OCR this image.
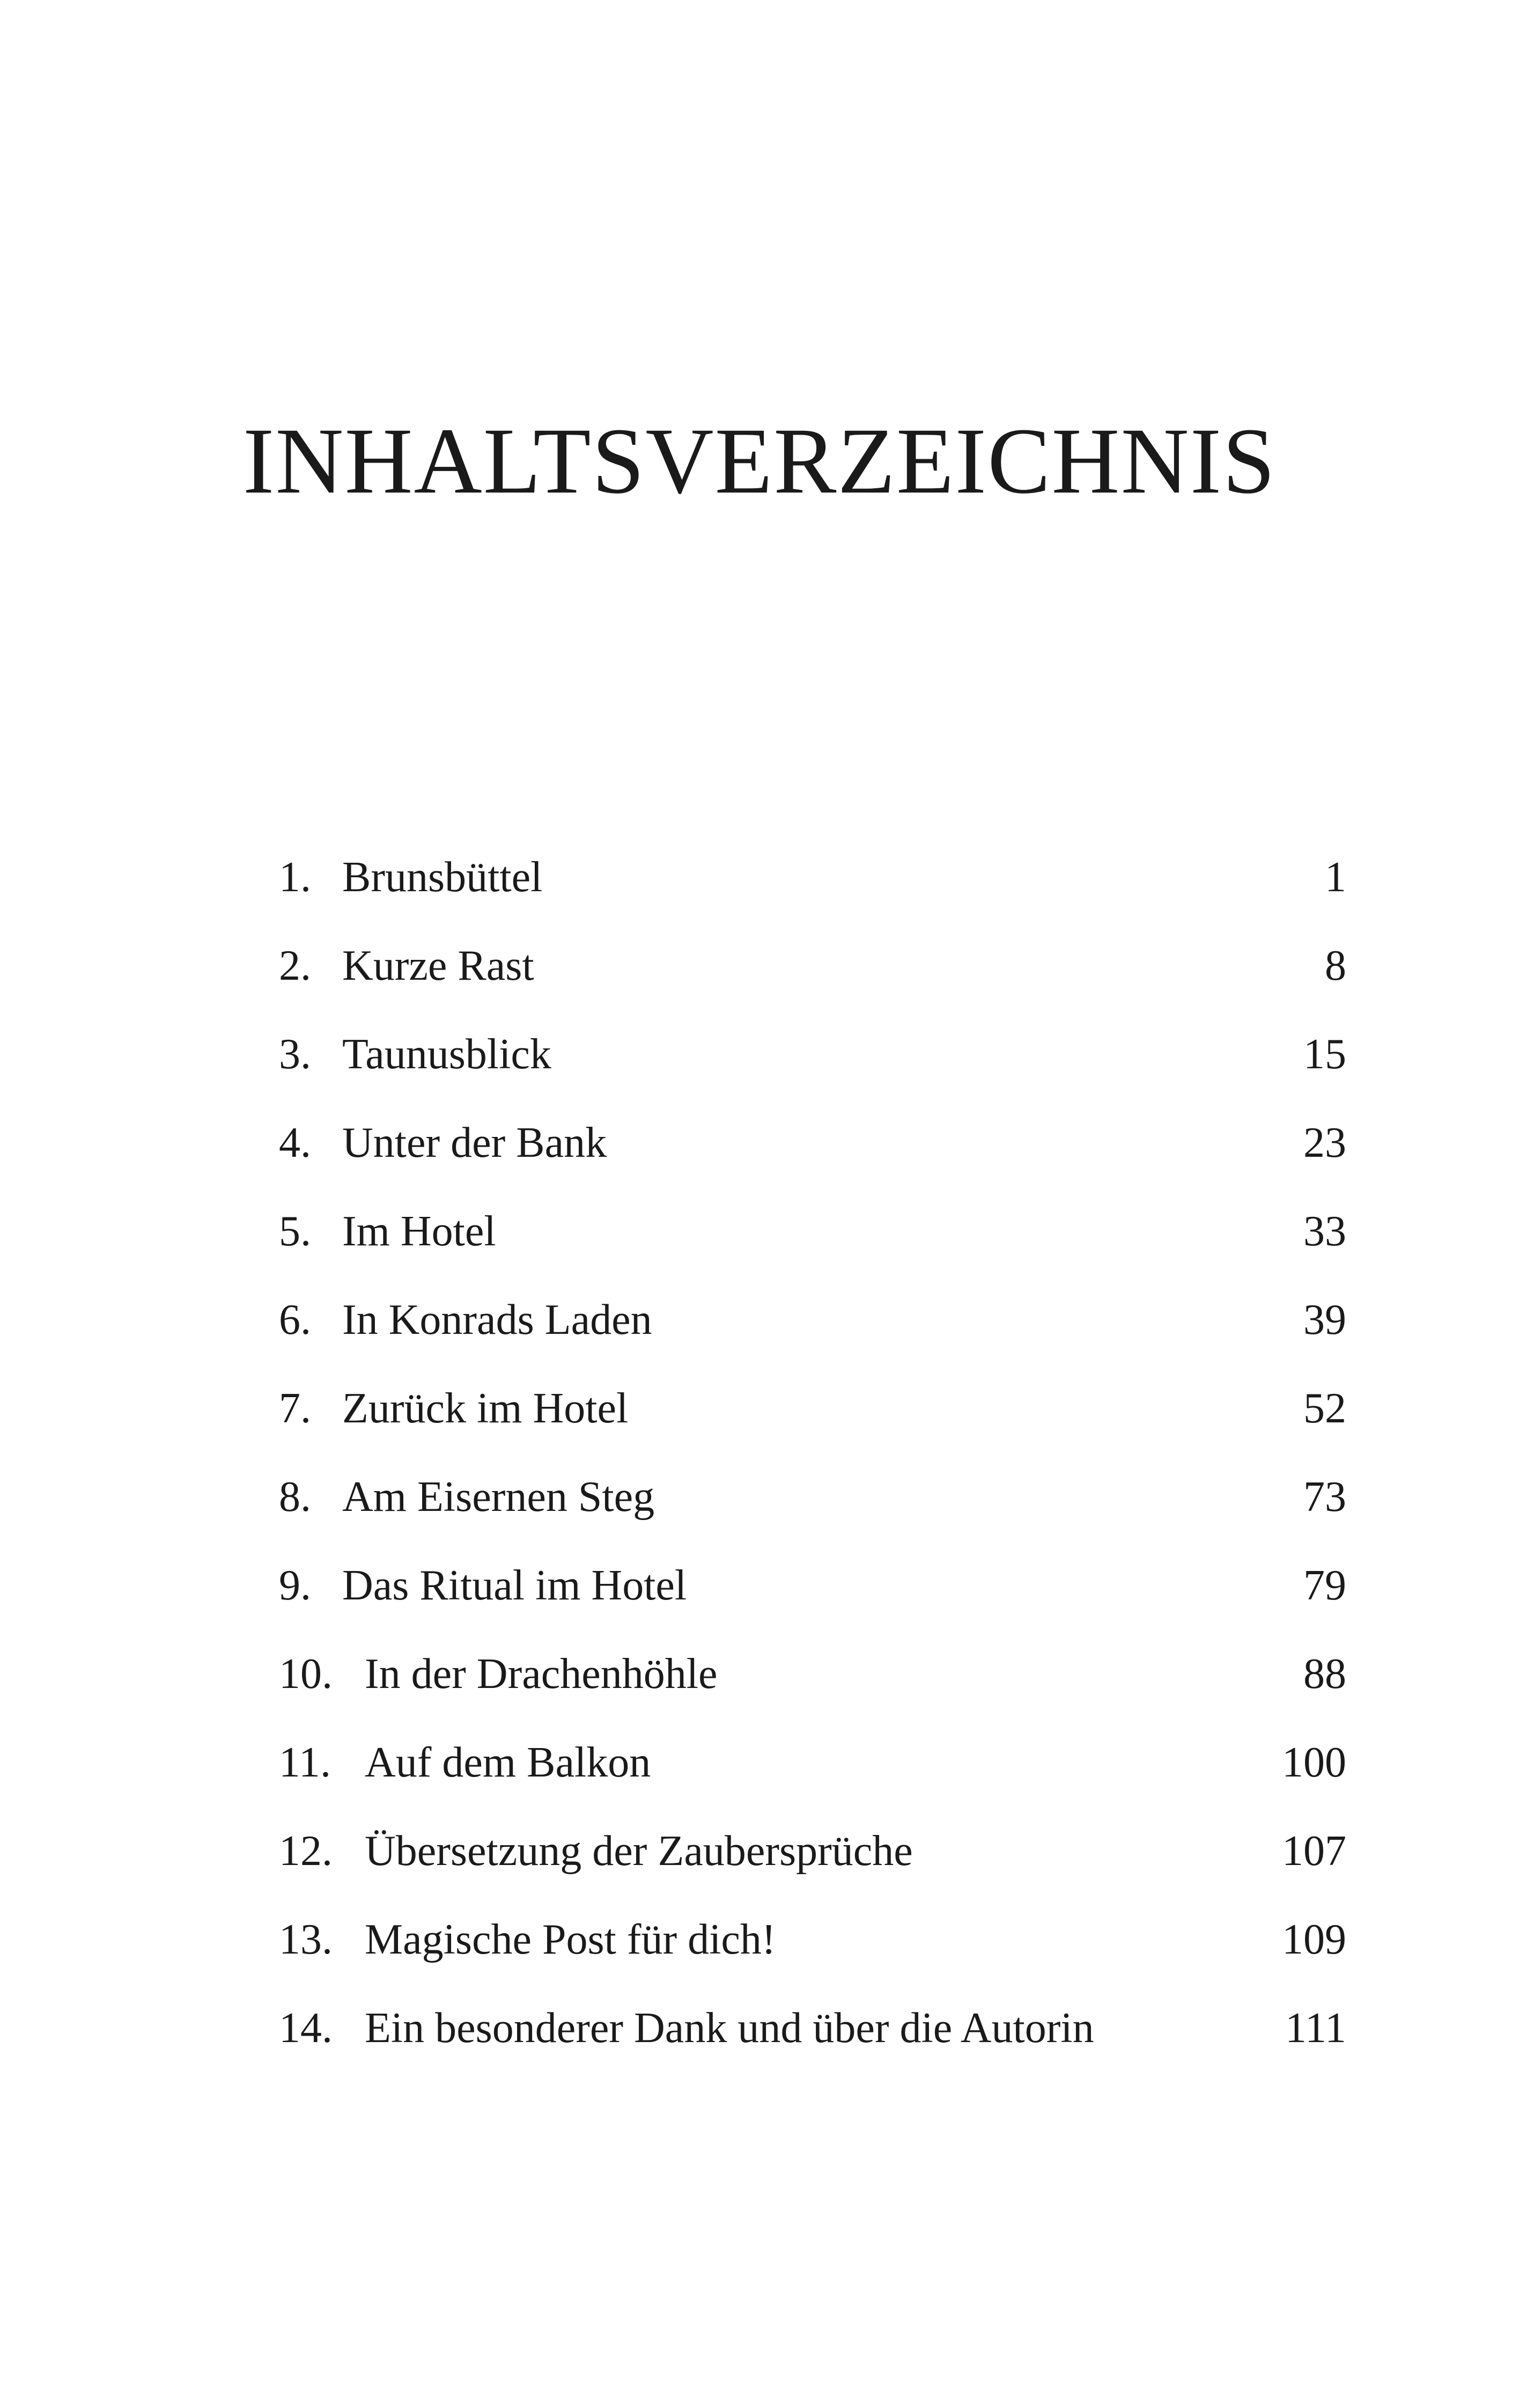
INHALTSVERZEICHNIS
1. Brunsbüttel	1
2. Kurze Rast	8
3. Taunusblick	15
4. Unter der Bank	23
5. Im Hotel	33
6. In Konrads Laden	39
7. Zurück im Hotel	52
8. Am Eisernen Steg	73
9. Das Ritual im Hotel	79
10. In der Drachenhöhle	88
11. Auf dem Balkon	100
12. Übersetzung der Zaubersprüche	107
13. Magische Post für dich!	109
14. Ein besonderer Dank und über die Autorin	111
